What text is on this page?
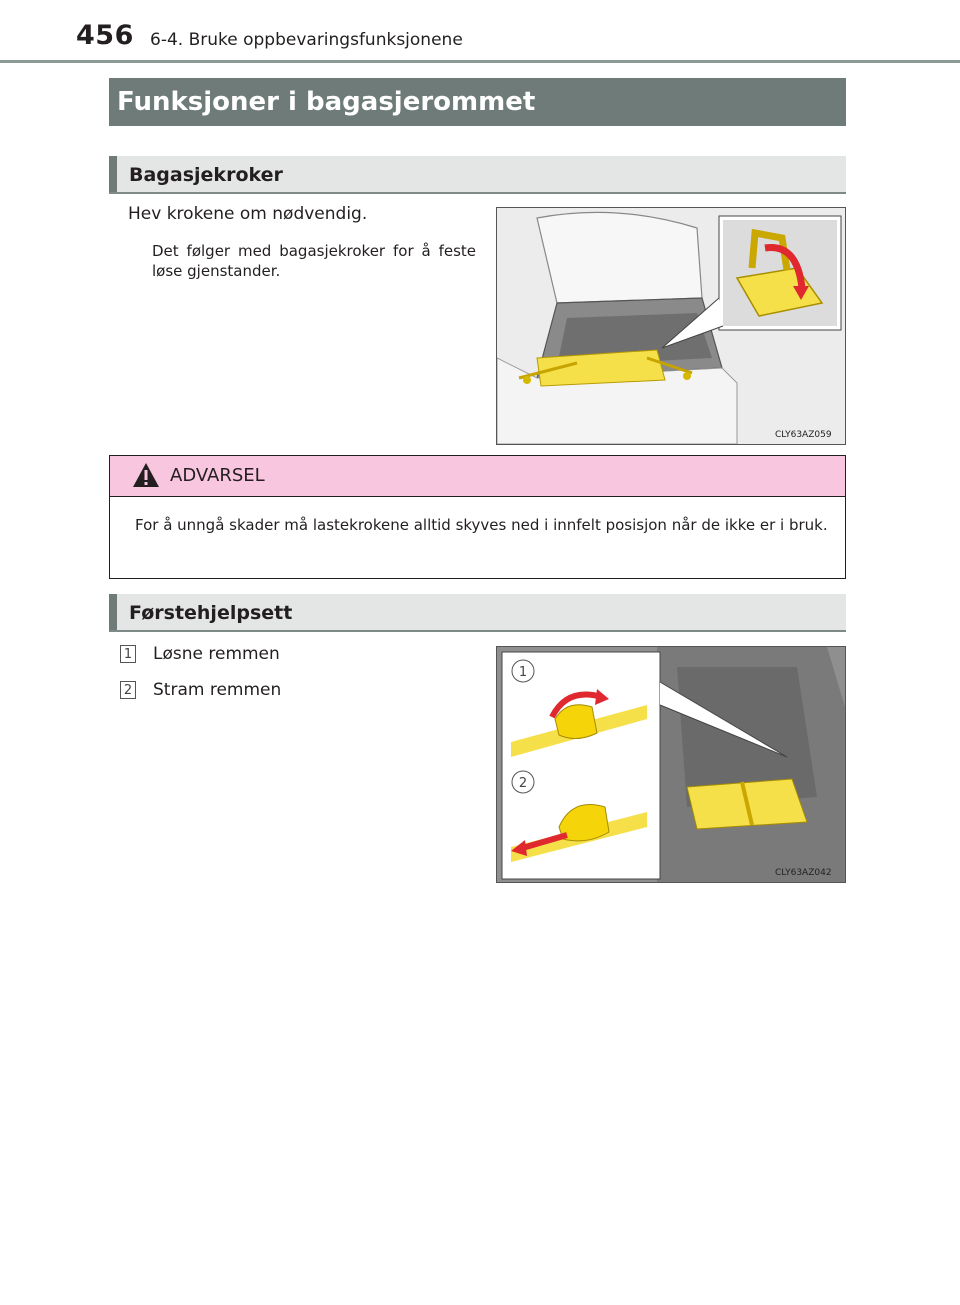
456 6-4. Bruke oppbevaringsfunksjonene
Funksjoner i bagasjerommet
Bagasjekroker
Hev krokene om nødvendig.
Det følger med bagasjekroker for å feste løse gjenstander.
CLY63AZ059
ADVARSEL
For å unngå skader må lastekrokene alltid skyves ned i innfelt posisjon når de ikke er i bruk.
Førstehjelpsett
1 Løsne remmen
2 Stram remmen
1
2
CLY63AZ042
